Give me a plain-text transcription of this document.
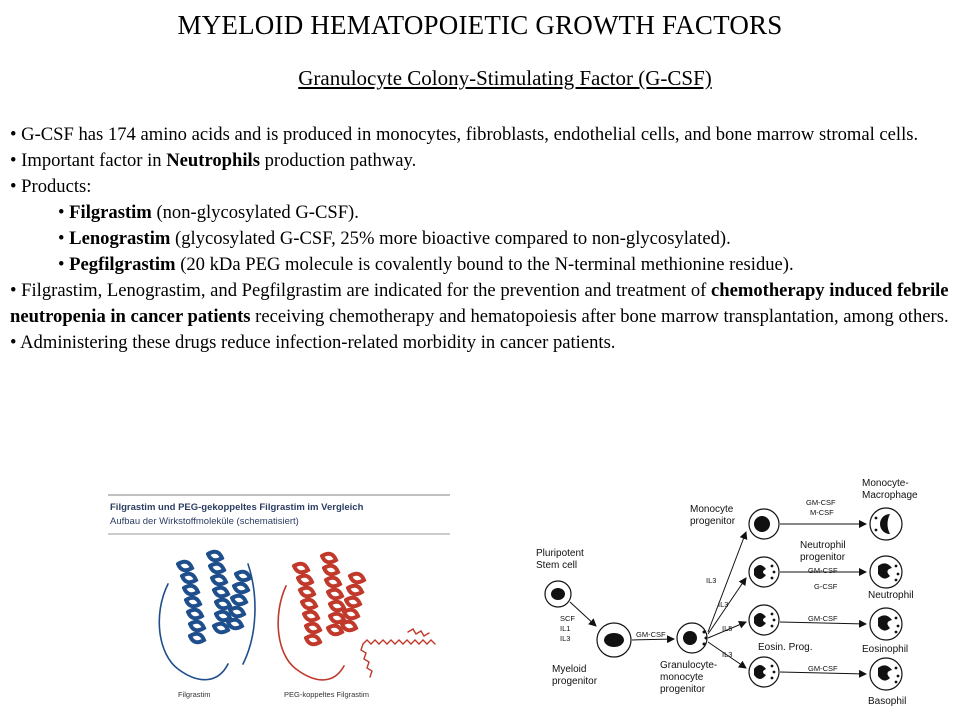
MYELOID HEMATOPOIETIC GROWTH FACTORS
Granulocyte Colony-Stimulating Factor (G-CSF)

• G-CSF has 174 amino acids and is produced in monocytes, fibroblasts, endothelial cells, and bone marrow stromal cells.

• Important factor in Neutrophils production pathway.

• Products:

• Filgrastim (non-glycosylated G-CSF).

• Lenograstim (glycosylated G-CSF, 25% more bioactive compared to non-glycosylated).

• Pegfilgrastim (20 kDa PEG molecule is covalently bound to the N-terminal methionine residue).

• Filgrastim, Lenograstim, and Pegfilgrastim are indicated for the prevention and treatment of chemotherapy induced febrile neutropenia in cancer patients receiving chemotherapy and hematopoiesis after bone marrow transplantation, among others.

• Administering these drugs reduce infection-related morbidity in cancer patients.

Filgrastim und PEG-gekoppeltes Filgrastim im Vergleich
Aufbau der Wirkstoffmoleküle (schematisiert)
Filgrastim	PEG-koppeltes Filgrastim
Pluripotent Stem cell
SCF
IL1
IL3
Myeloid progenitor
GM-CSF
Granulocyte- monocyte progenitor
Monocyte progenitor
Neutrophil progenitor
Eosin. Prog.
IL3
IL3
IL5
IL3
GM-CSF
M-CSF
GM-CSF
G-CSF
GM-CSF
GM-CSF
Monocyte- Macrophage
Neutrophil
Eosinophil
Basophil
